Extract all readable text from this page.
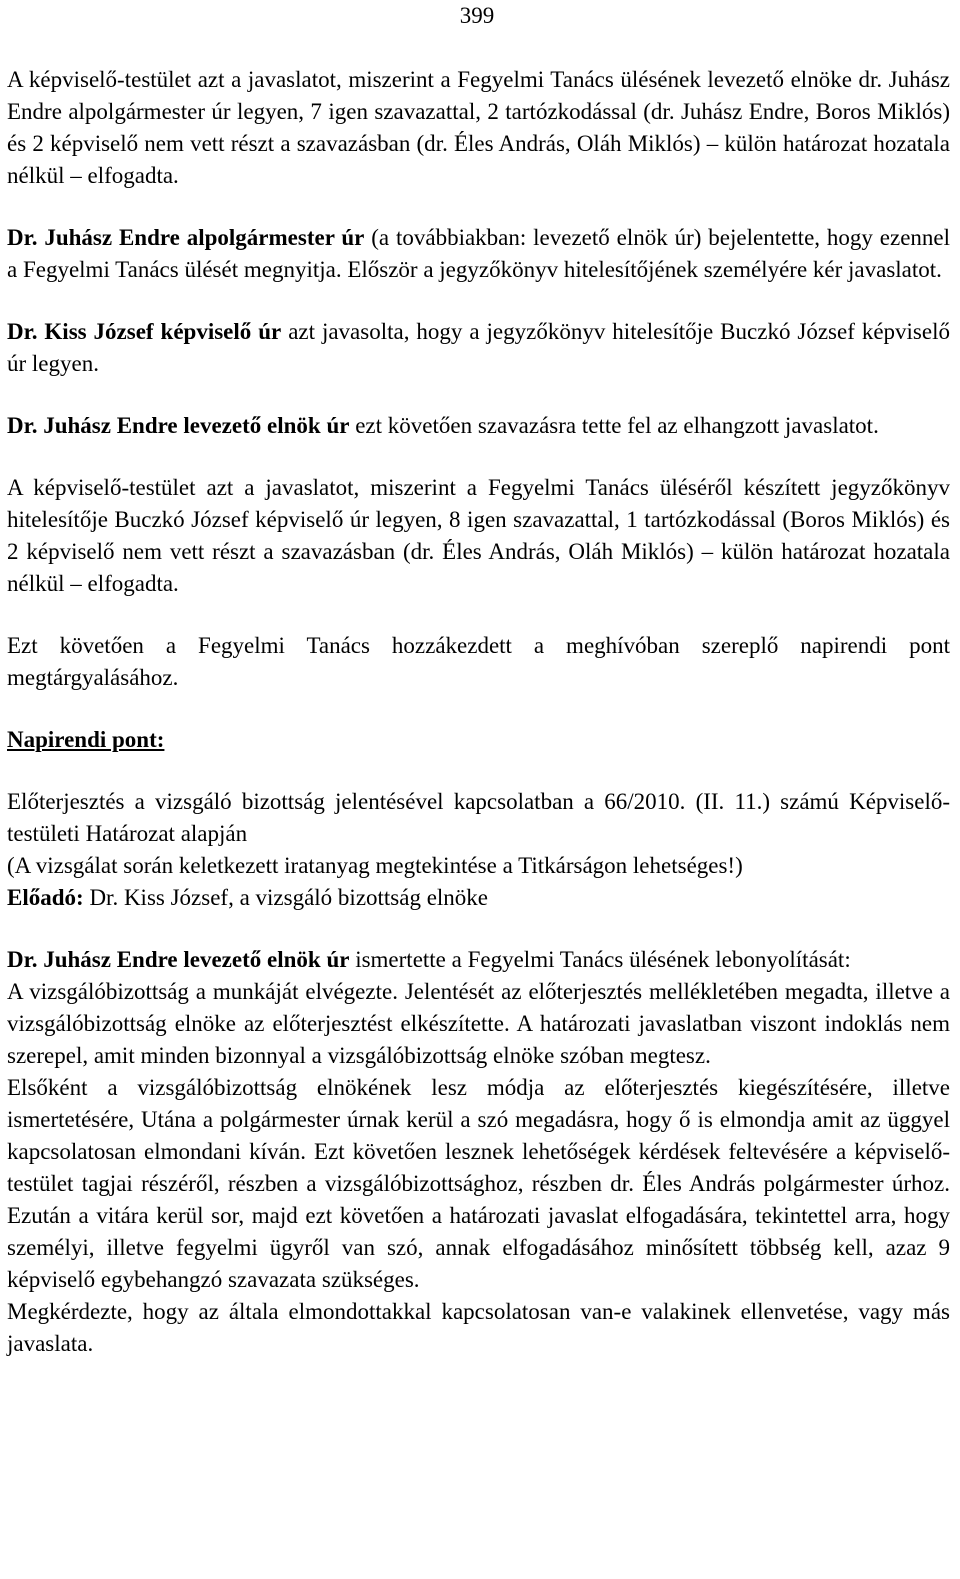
399

A képviselő-testület azt a javaslatot, miszerint a Fegyelmi Tanács ülésének levezető elnöke dr. Juhász Endre alpolgármester úr legyen, 7 igen szavazattal, 2 tartózkodással (dr. Juhász Endre, Boros Miklós) és 2 képviselő nem vett részt a szavazásban (dr. Éles András, Oláh Miklós) – külön határozat hozatala nélkül – elfogadta.

Dr. Juhász Endre alpolgármester úr (a továbbiakban: levezető elnök úr) bejelentette, hogy ezennel a Fegyelmi Tanács ülését megnyitja. Először a jegyzőkönyv hitelesítőjének személyére kér javaslatot.

Dr. Kiss József képviselő úr azt javasolta, hogy a jegyzőkönyv hitelesítője Buczkó József képviselő úr legyen.

Dr. Juhász Endre levezető elnök úr ezt követően szavazásra tette fel az elhangzott javaslatot.

A képviselő-testület azt a javaslatot, miszerint a Fegyelmi Tanács üléséről készített jegyzőkönyv hitelesítője Buczkó József képviselő úr legyen, 8 igen szavazattal, 1 tartózkodással (Boros Miklós) és 2 képviselő nem vett részt a szavazásban (dr. Éles András, Oláh Miklós) – külön határozat hozatala nélkül – elfogadta.

Ezt követően a Fegyelmi Tanács hozzákezdett a meghívóban szereplő napirendi pont megtárgyalásához.

Napirendi pont:

Előterjesztés a vizsgáló bizottság jelentésével kapcsolatban a 66/2010. (II. 11.) számú Képviselő-testületi Határozat alapján

(A vizsgálat során keletkezett iratanyag megtekintése a Titkárságon lehetséges!)

Előadó: Dr. Kiss József, a vizsgáló bizottság elnöke

Dr. Juhász Endre levezető elnök úr ismertette a Fegyelmi Tanács ülésének lebonyolítását:

A vizsgálóbizottság a munkáját elvégezte. Jelentését az előterjesztés mellékletében megadta, illetve a vizsgálóbizottság elnöke az előterjesztést elkészítette. A határozati javaslatban viszont indoklás nem szerepel, amit minden bizonnyal a vizsgálóbizottság elnöke szóban megtesz.

Elsőként a vizsgálóbizottság elnökének lesz módja az előterjesztés kiegészítésére, illetve ismertetésére, Utána a polgármester úrnak kerül a szó megadásra, hogy ő is elmondja amit az üggyel kapcsolatosan elmondani kíván. Ezt követően lesznek lehetőségek kérdések feltevésére a képviselő-testület tagjai részéről, részben a vizsgálóbizottsághoz, részben dr. Éles András polgármester úrhoz. Ezután a vitára kerül sor, majd ezt követően a határozati javaslat elfogadására, tekintettel arra, hogy személyi, illetve fegyelmi ügyről van szó, annak elfogadásához minősített többség kell, azaz 9 képviselő egybehangzó szavazata szükséges.

Megkérdezte, hogy az általa elmondottakkal kapcsolatosan van-e valakinek ellenvetése, vagy más javaslata.
